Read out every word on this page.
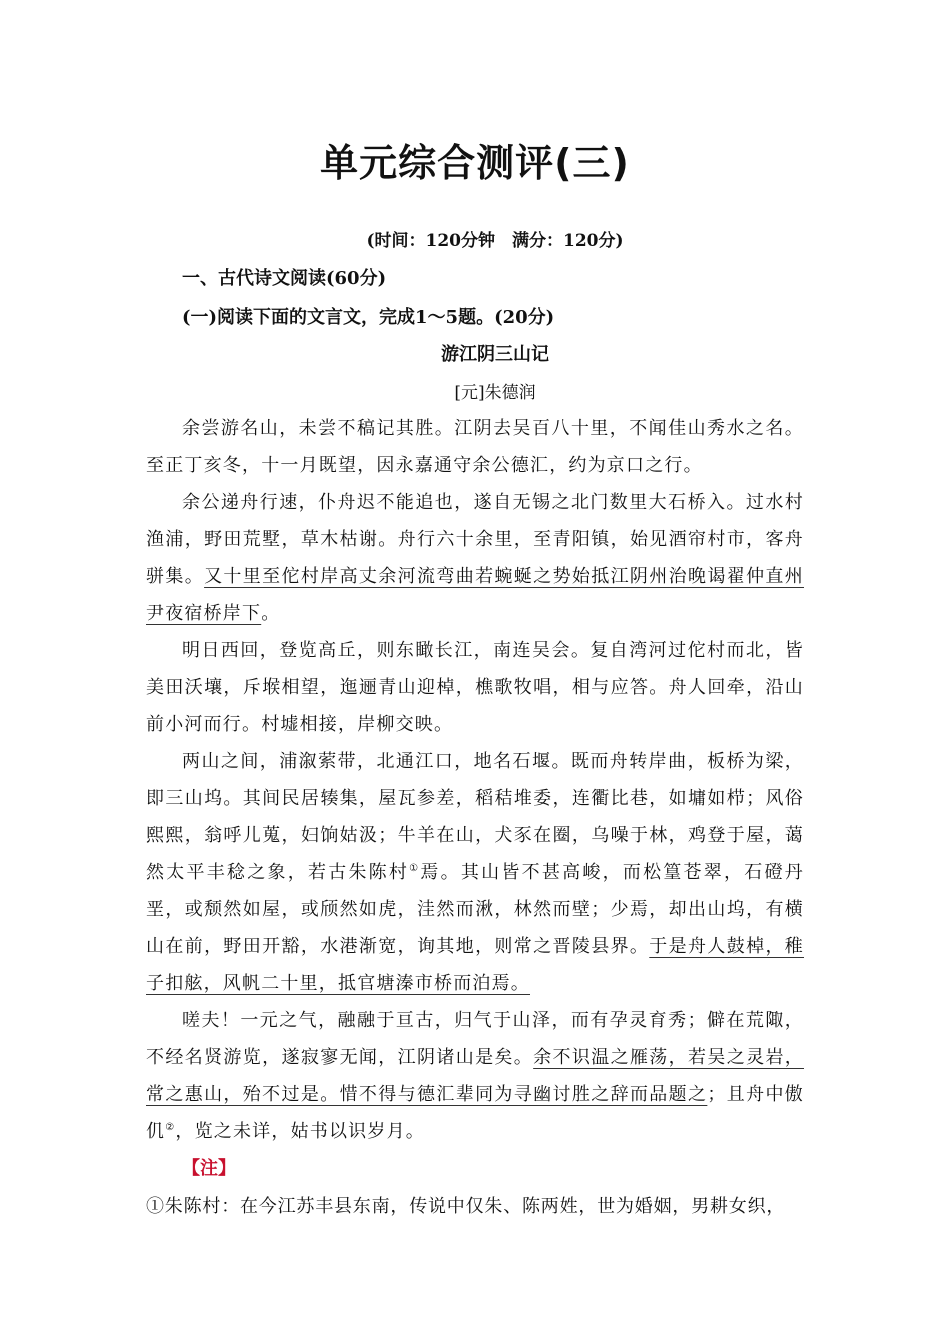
单元综合测评(三)
(时间：120分钟　满分：120分)
一、古代诗文阅读(60分)
(一)阅读下面的文言文，完成1～5题。(20分)
游江阴三山记
[元]朱德润

余尝游名山，未尝不稿记其胜。江阴去吴百八十里，不闻佳山秀水之名。至正丁亥冬，十一月既望，因永嘉通守余公德汇，约为京口之行。

余公递舟行速，仆舟迟不能追也，遂自无锡之北门数里大石桥入。过水村渔浦，野田荒墅，草木枯谢。舟行六十余里，至青阳镇，始见酒帘村市，客舟骈集。又十里至佗村岸高丈余河流弯曲若蜿蜒之势始抵江阴州治晚谒翟仲直州尹夜宿桥岸下。

明日西回，登览高丘，则东瞰长江，南连吴会。复自湾河过佗村而北，皆美田沃壤，斥堠相望，迤逦青山迎棹，樵歌牧唱，相与应答。舟人回牵，沿山前小河而行。村墟相接，岸柳交映。

两山之间，浦溆萦带，北通江口，地名石堰。既而舟转岸曲，板桥为梁，即三山坞。其间民居辏集，屋瓦参差，稻秸堆委，连衢比巷，如墉如栉；风俗熙熙，翁呼儿蒐，妇饷姑汲；牛羊在山，犬豕在圈，乌噪于林，鸡登于屋，蔼然太平丰稔之象，若古朱陈村①焉。其山皆不甚高峻，而松篁苍翠，石磴丹垩，或颓然如屋，或颀然如虎，洼然而湫，林然而壁；少焉，却出山坞，有横山在前，野田开豁，水港渐宽，询其地，则常之晋陵县界。于是舟人鼓棹，稚子扣舷，风帆二十里，抵官塘溱市桥而泊焉。

嗟夫！一元之气，融融于亘古，归气于山泽，而有孕灵育秀；僻在荒陬，不经名贤游览，遂寂寥无闻，江阴诸山是矣。余不识温之雁荡，若吴之灵岩，常之惠山，殆不过是。惜不得与德汇辈同为寻幽讨胜之辞而品题之；且舟中傲仉②，览之未详，姑书以识岁月。

【注】
①朱陈村：在今江苏丰县东南，传说中仅朱、陈两姓，世为婚姻，男耕女织，
